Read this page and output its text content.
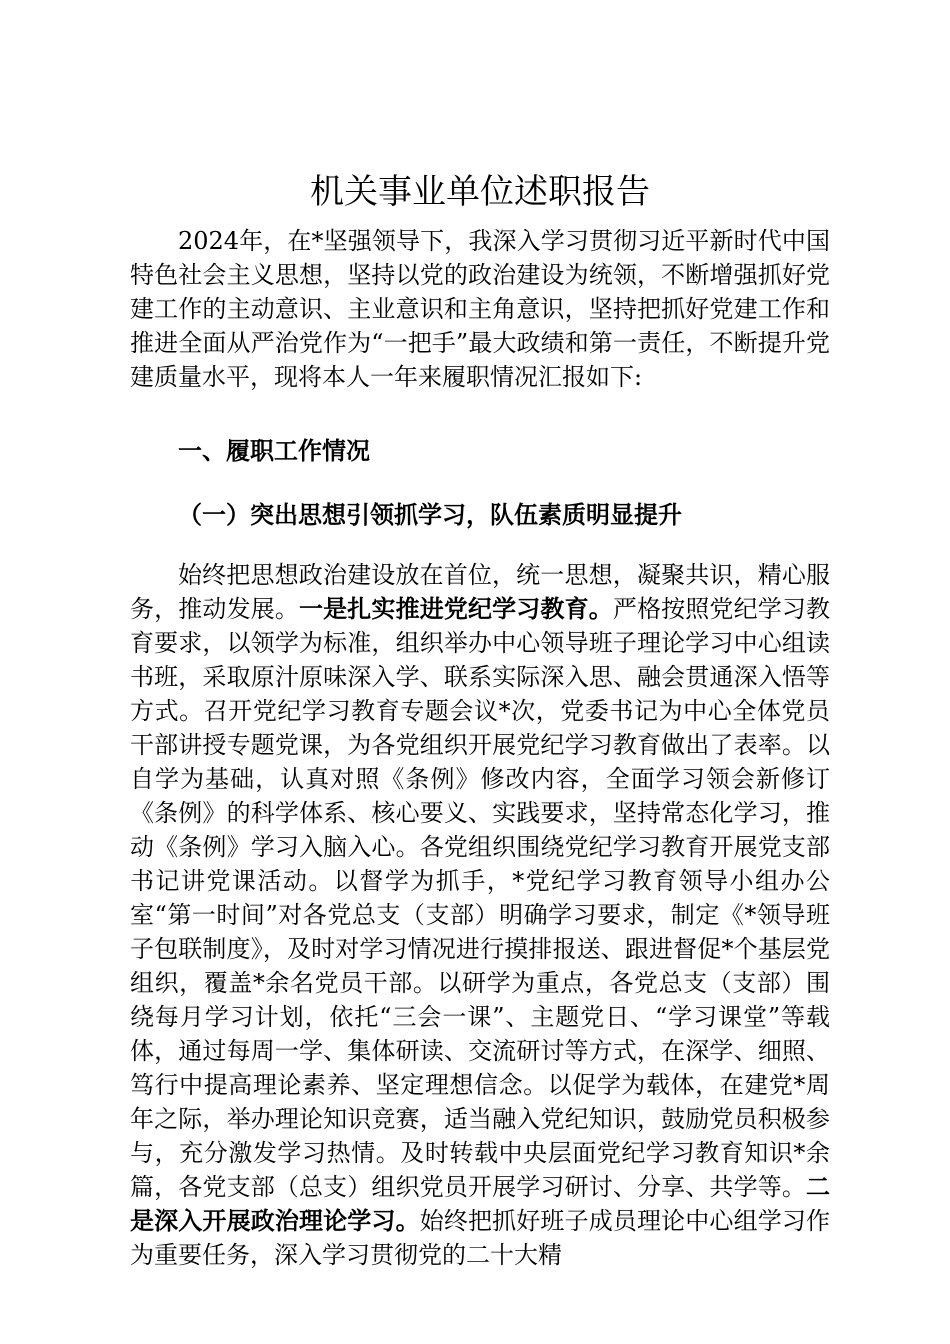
机关事业单位述职报告

2024年，在*坚强领导下，我深入学习贯彻习近平新时代中国特色社会主义思想，坚持以党的政治建设为统领，不断增强抓好党建工作的主动意识、主业意识和主角意识，坚持把抓好党建工作和推进全面从严治党作为“一把手”最大政绩和第一责任，不断提升党建质量水平，现将本人一年来履职情况汇报如下:

一、履职工作情况

（一）突出思想引领抓学习，队伍素质明显提升

始终把思想政治建设放在首位，统一思想，凝聚共识，精心服务，推动发展。一是扎实推进党纪学习教育。严格按照党纪学习教育要求，以领学为标准，组织举办中心领导班子理论学习中心组读书班，采取原汁原味深入学、联系实际深入思、融会贯通深入悟等方式。召开党纪学习教育专题会议*次，党委书记为中心全体党员干部讲授专题党课，为各党组织开展党纪学习教育做出了表率。以自学为基础，认真对照《条例》修改内容，全面学习领会新修订《条例》的科学体系、核心要义、实践要求，坚持常态化学习，推动《条例》学习入脑入心。各党组织围绕党纪学习教育开展党支部书记讲党课活动。以督学为抓手，*党纪学习教育领导小组办公室“第一时间”对各党总支（支部）明确学习要求，制定《*领导班子包联制度》，及时对学习情况进行摸排报送、跟进督促*个基层党组织，覆盖*余名党员干部。以研学为重点，各党总支（支部）围绕每月学习计划，依托“三会一课”、主题党日、“学习课堂”等载体，通过每周一学、集体研读、交流研讨等方式，在深学、细照、笃行中提高理论素养、坚定理想信念。以促学为载体，在建党*周年之际，举办理论知识竞赛，适当融入党纪知识，鼓励党员积极参与，充分激发学习热情。及时转载中央层面党纪学习教育知识*余篇，各党支部（总支）组织党员开展学习研讨、分享、共学等。二是深入开展政治理论学习。始终把抓好班子成员理论中心组学习作为重要任务，深入学习贯彻党的二十大精
